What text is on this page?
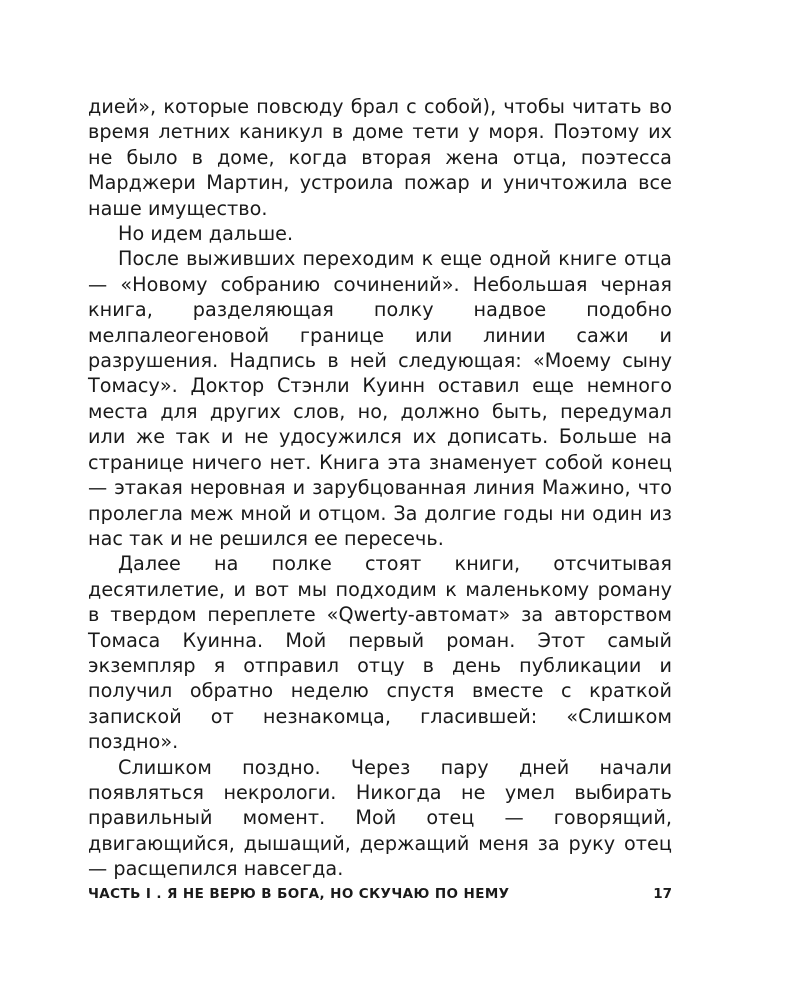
дией», которые повсюду брал с собой), чтобы читать во время летних каникул в доме тети у моря. Поэтому их не было в доме, когда вторая жена отца, поэтесса Марджери Мартин, устроила пожар и уничтожила все наше имущество.

Но идем дальше.

После выживших переходим к еще одной книге отца — «Новому собранию сочинений». Небольшая черная книга, разделяющая полку надвое подобно мелпалеогеновой границе или линии сажи и разрушения. Надпись в ней следующая: «Моему сыну Томасу». Доктор Стэнли Куинн оставил еще немного места для других слов, но, должно быть, передумал или же так и не удосужился их дописать. Больше на странице ничего нет. Книга эта знаменует собой конец — этакая неровная и зарубцованная линия Мажино, что пролегла меж мной и отцом. За долгие годы ни один из нас так и не решился ее пересечь.

Далее на полке стоят книги, отсчитывая десятилетие, и вот мы подходим к маленькому роману в твердом переплете «Qwerty-автомат» за авторством Томаса Куинна. Мой первый роман. Этот самый экземпляр я отправил отцу в день публикации и получил обратно неделю спустя вместе с краткой запиской от незнакомца, гласившей: «Слишком поздно».

Слишком поздно. Через пару дней начали появляться некрологи. Никогда не умел выбирать правильный момент. Мой отец — говорящий, двигающийся, дышащий, держащий меня за руку отец — расщепился навсегда.

ЧАСТЬ I . Я НЕ ВЕРЮ В БОГА, НО СКУЧАЮ ПО НЕМУ	17
